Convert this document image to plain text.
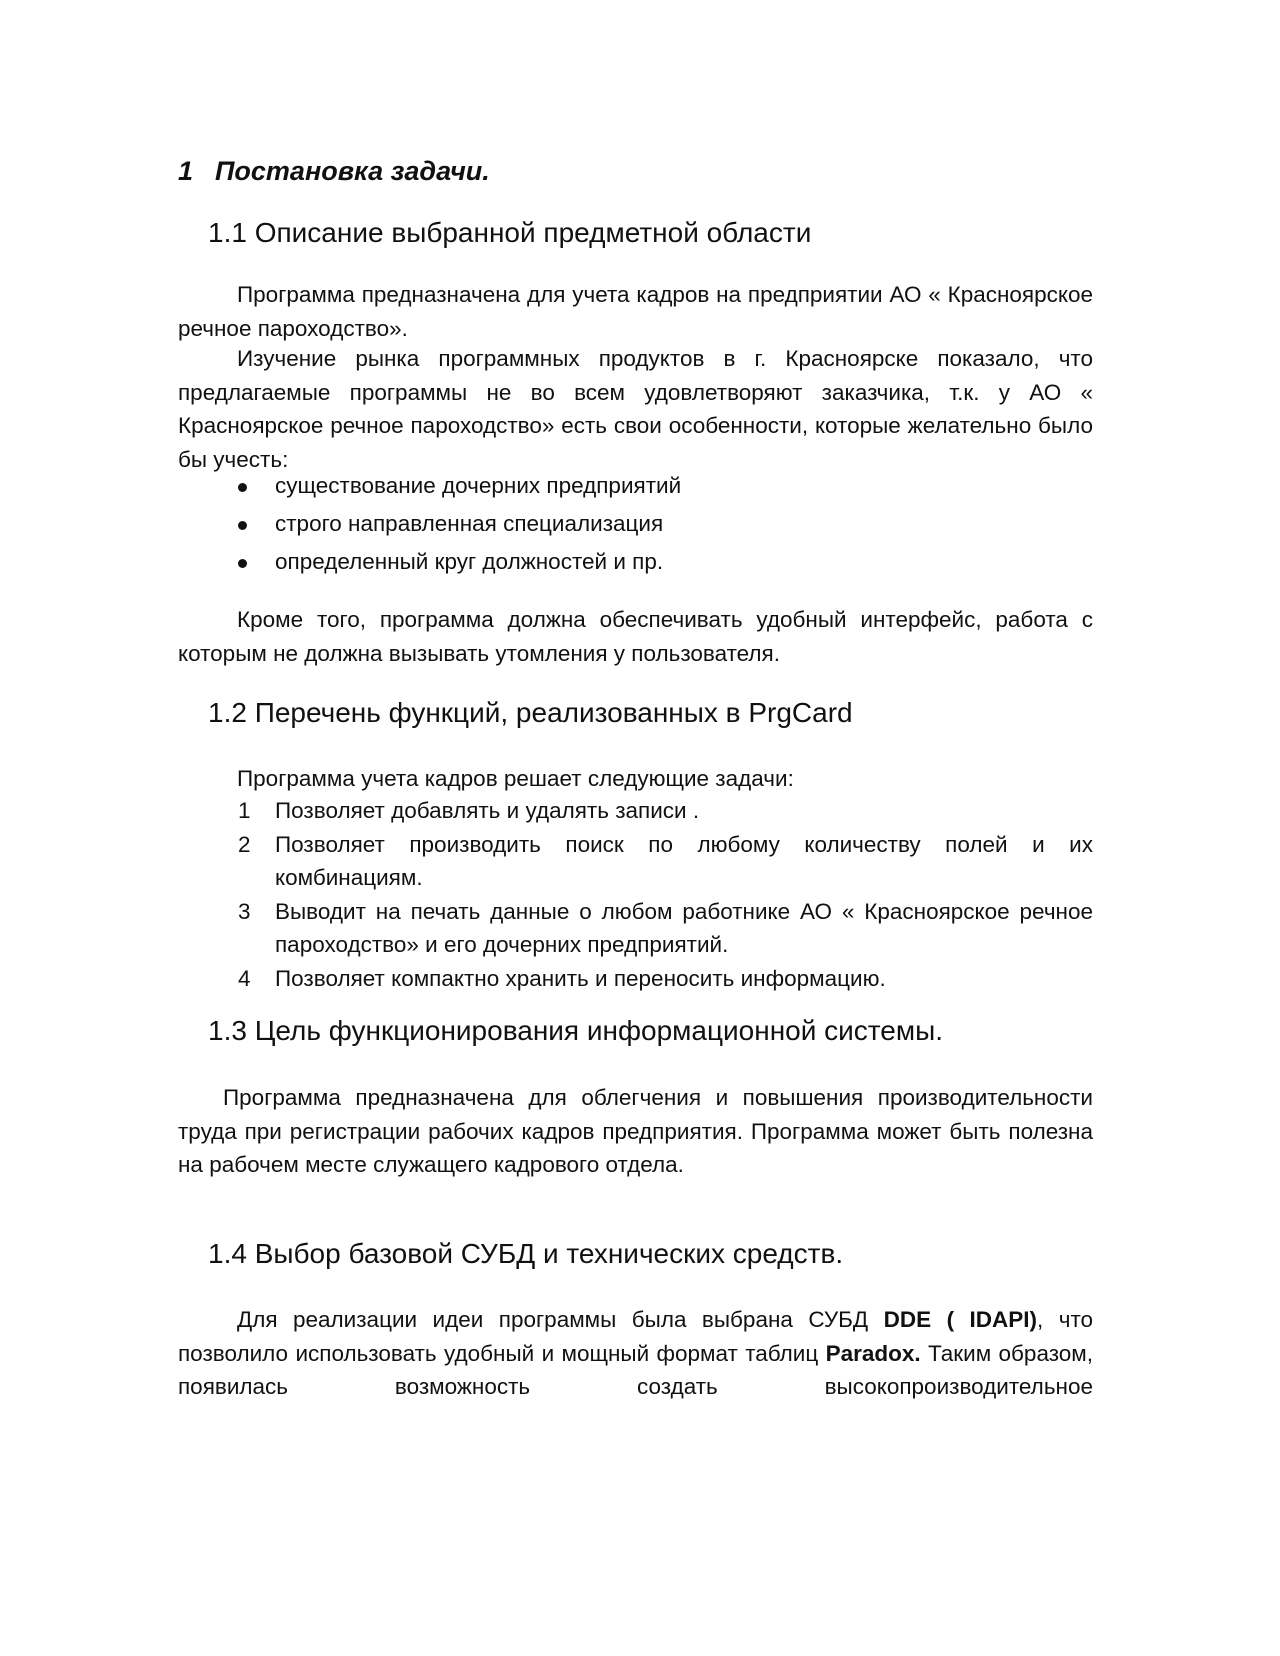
1 Постановка задачи.
1.1 Описание выбранной предметной области
Программа предназначена для учета кадров на предприятии АО « Красноярское речное пароходство».
Изучение рынка программных продуктов в г. Красноярске показало, что предлагаемые программы не во всем удовлетворяют заказчика, т.к. у АО « Красноярское речное пароходство» есть свои особенности, которые желательно было бы учесть:
существование дочерних предприятий
строго направленная специализация
определенный круг должностей и пр.
Кроме того, программа должна обеспечивать удобный интерфейс, работа с которым не должна вызывать утомления у пользователя.
1.2 Перечень функций, реализованных в PrgCard
Программа учета кадров решает следующие задачи:
1 Позволяет добавлять и удалять записи .
2 Позволяет производить поиск по любому количеству полей и их комбинациям.
3 Выводит на печать данные о любом работнике АО « Красноярское речное пароходство» и его дочерних предприятий.
4 Позволяет компактно хранить и переносить информацию.
1.3 Цель функционирования информационной системы.
Программа предназначена для облегчения и повышения производительности труда при регистрации рабочих кадров предприятия. Программа может быть полезна на рабочем месте служащего кадрового отдела.
1.4 Выбор базовой СУБД и технических средств.
Для реализации идеи программы была выбрана СУБД DDE ( IDAPI), что позволило использовать удобный и мощный формат таблиц Paradox. Таким образом, появилась возможность создать высокопроизводительное
